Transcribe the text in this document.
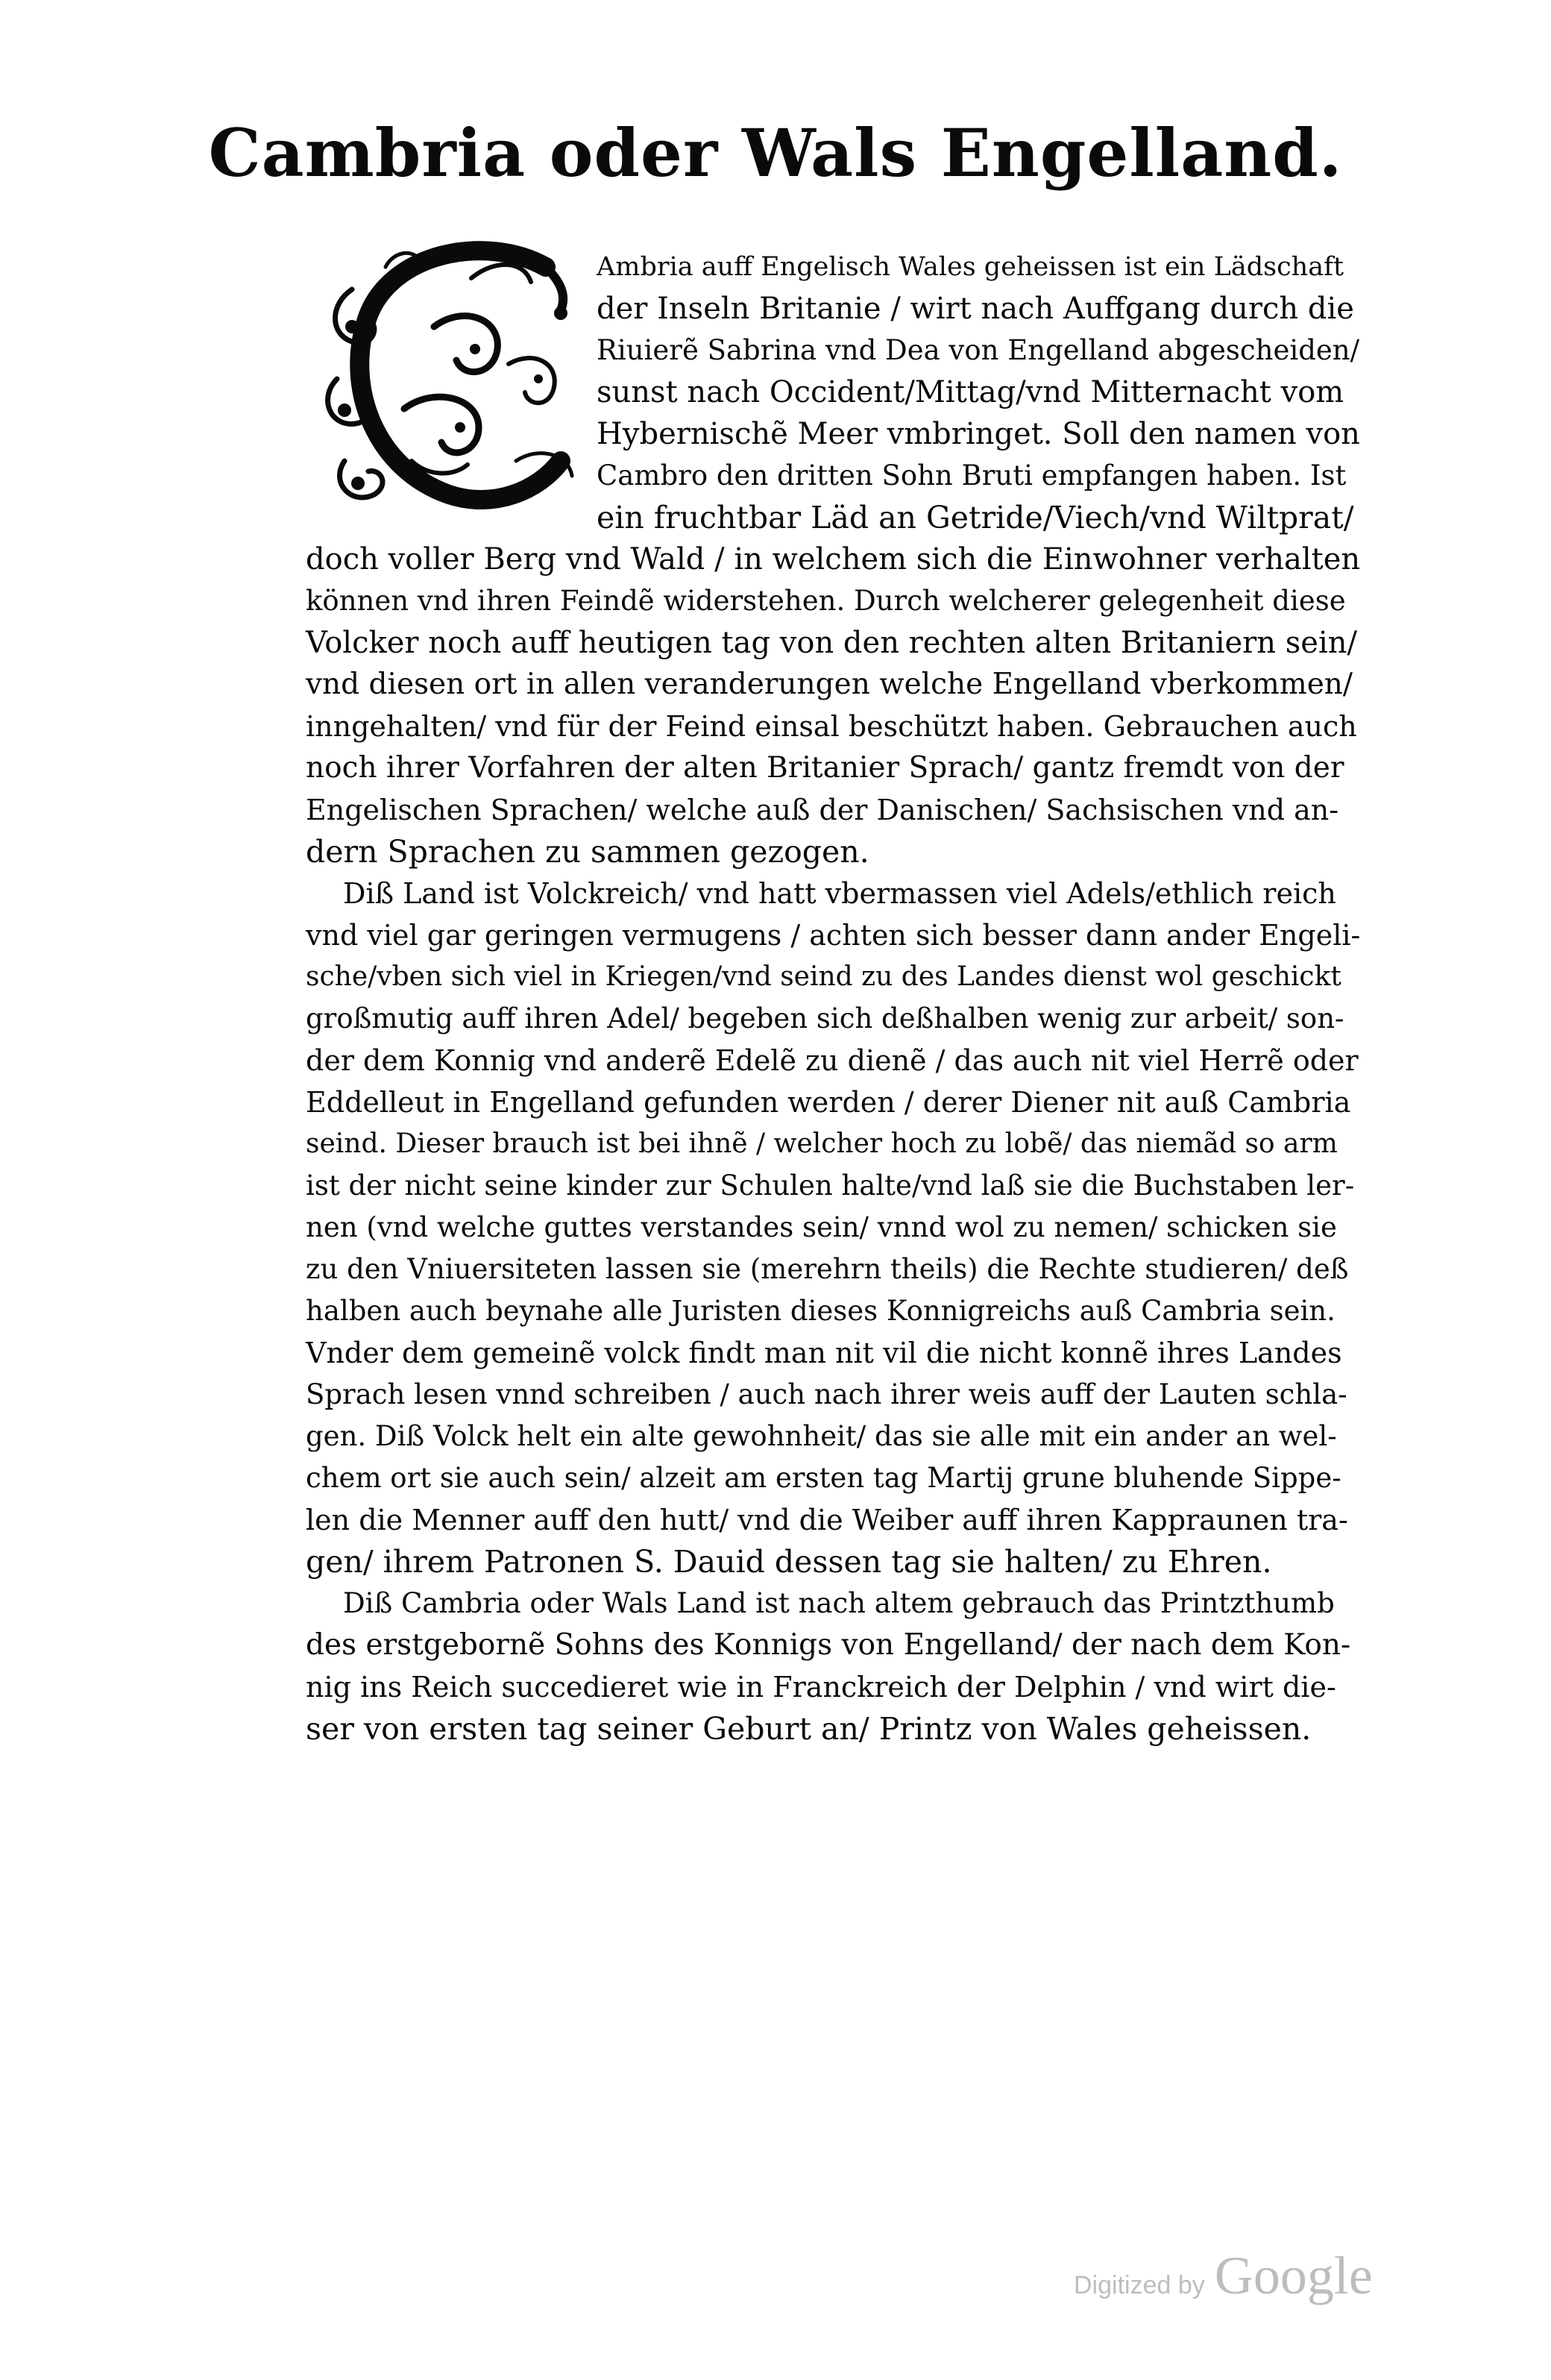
Cambria oder Wals Engelland.
Ambria auff Engelisch Wales geheissen ist ein Lädschaft
der Inseln Britanie / wirt nach Auffgang durch die
Riuierẽ Sabrina vnd Dea von Engelland abgescheiden/
sunst nach Occident/Mittag/vnd Mitternacht vom
Hybernischẽ Meer vmbringet. Soll den namen von
Cambro den dritten Sohn Bruti empfangen haben. Ist
ein fruchtbar Läd an Getride/Viech/vnd Wiltprat/
doch voller Berg vnd Wald / in welchem sich die Einwohner verhalten
können vnd ihren Feindẽ widerstehen. Durch welcherer gelegenheit diese
Volcker noch auff heutigen tag von den rechten alten Britaniern sein/
vnd diesen ort in allen veranderungen welche Engelland vberkommen/
inngehalten/ vnd für der Feind einsal beschützt haben. Gebrauchen auch
noch ihrer Vorfahren der alten Britanier Sprach/ gantz fremdt von der
Engelischen Sprachen/ welche auß der Danischen/ Sachsischen vnd an-
dern Sprachen zu sammen gezogen.
Diß Land ist Volckreich/ vnd hatt vbermassen viel Adels/ethlich reich
vnd viel gar geringen vermugens / achten sich besser dann ander Engeli-
sche/vben sich viel in Kriegen/vnd seind zu des Landes dienst wol geschickt
großmutig auff ihren Adel/ begeben sich deßhalben wenig zur arbeit/ son-
der dem Konnig vnd anderẽ Edelẽ zu dienẽ / das auch nit viel Herrẽ oder
Eddelleut in Engelland gefunden werden / derer Diener nit auß Cambria
seind. Dieser brauch ist bei ihnẽ / welcher hoch zu lobẽ/ das niemãd so arm
ist der nicht seine kinder zur Schulen halte/vnd laß sie die Buchstaben ler-
nen (vnd welche guttes verstandes sein/ vnnd wol zu nemen/ schicken sie
zu den Vniuersiteten lassen sie (merehrn theils) die Rechte studieren/ deß
halben auch beynahe alle Juristen dieses Konnigreichs auß Cambria sein.
Vnder dem gemeinẽ volck findt man nit vil die nicht konnẽ ihres Landes
Sprach lesen vnnd schreiben / auch nach ihrer weis auff der Lauten schla-
gen. Diß Volck helt ein alte gewohnheit/ das sie alle mit ein ander an wel-
chem ort sie auch sein/ alzeit am ersten tag Martij grune bluhende Sippe-
len die Menner auff den hutt/ vnd die Weiber auff ihren Kappraunen tra-
gen/ ihrem Patronen S. Dauid dessen tag sie halten/ zu Ehren.
Diß Cambria oder Wals Land ist nach altem gebrauch das Printzthumb
des erstgebornẽ Sohns des Konnigs von Engelland/ der nach dem Kon-
nig ins Reich succedieret wie in Franckreich der Delphin / vnd wirt die-
ser von ersten tag seiner Geburt an/ Printz von Wales geheissen.
Digitized by Google
